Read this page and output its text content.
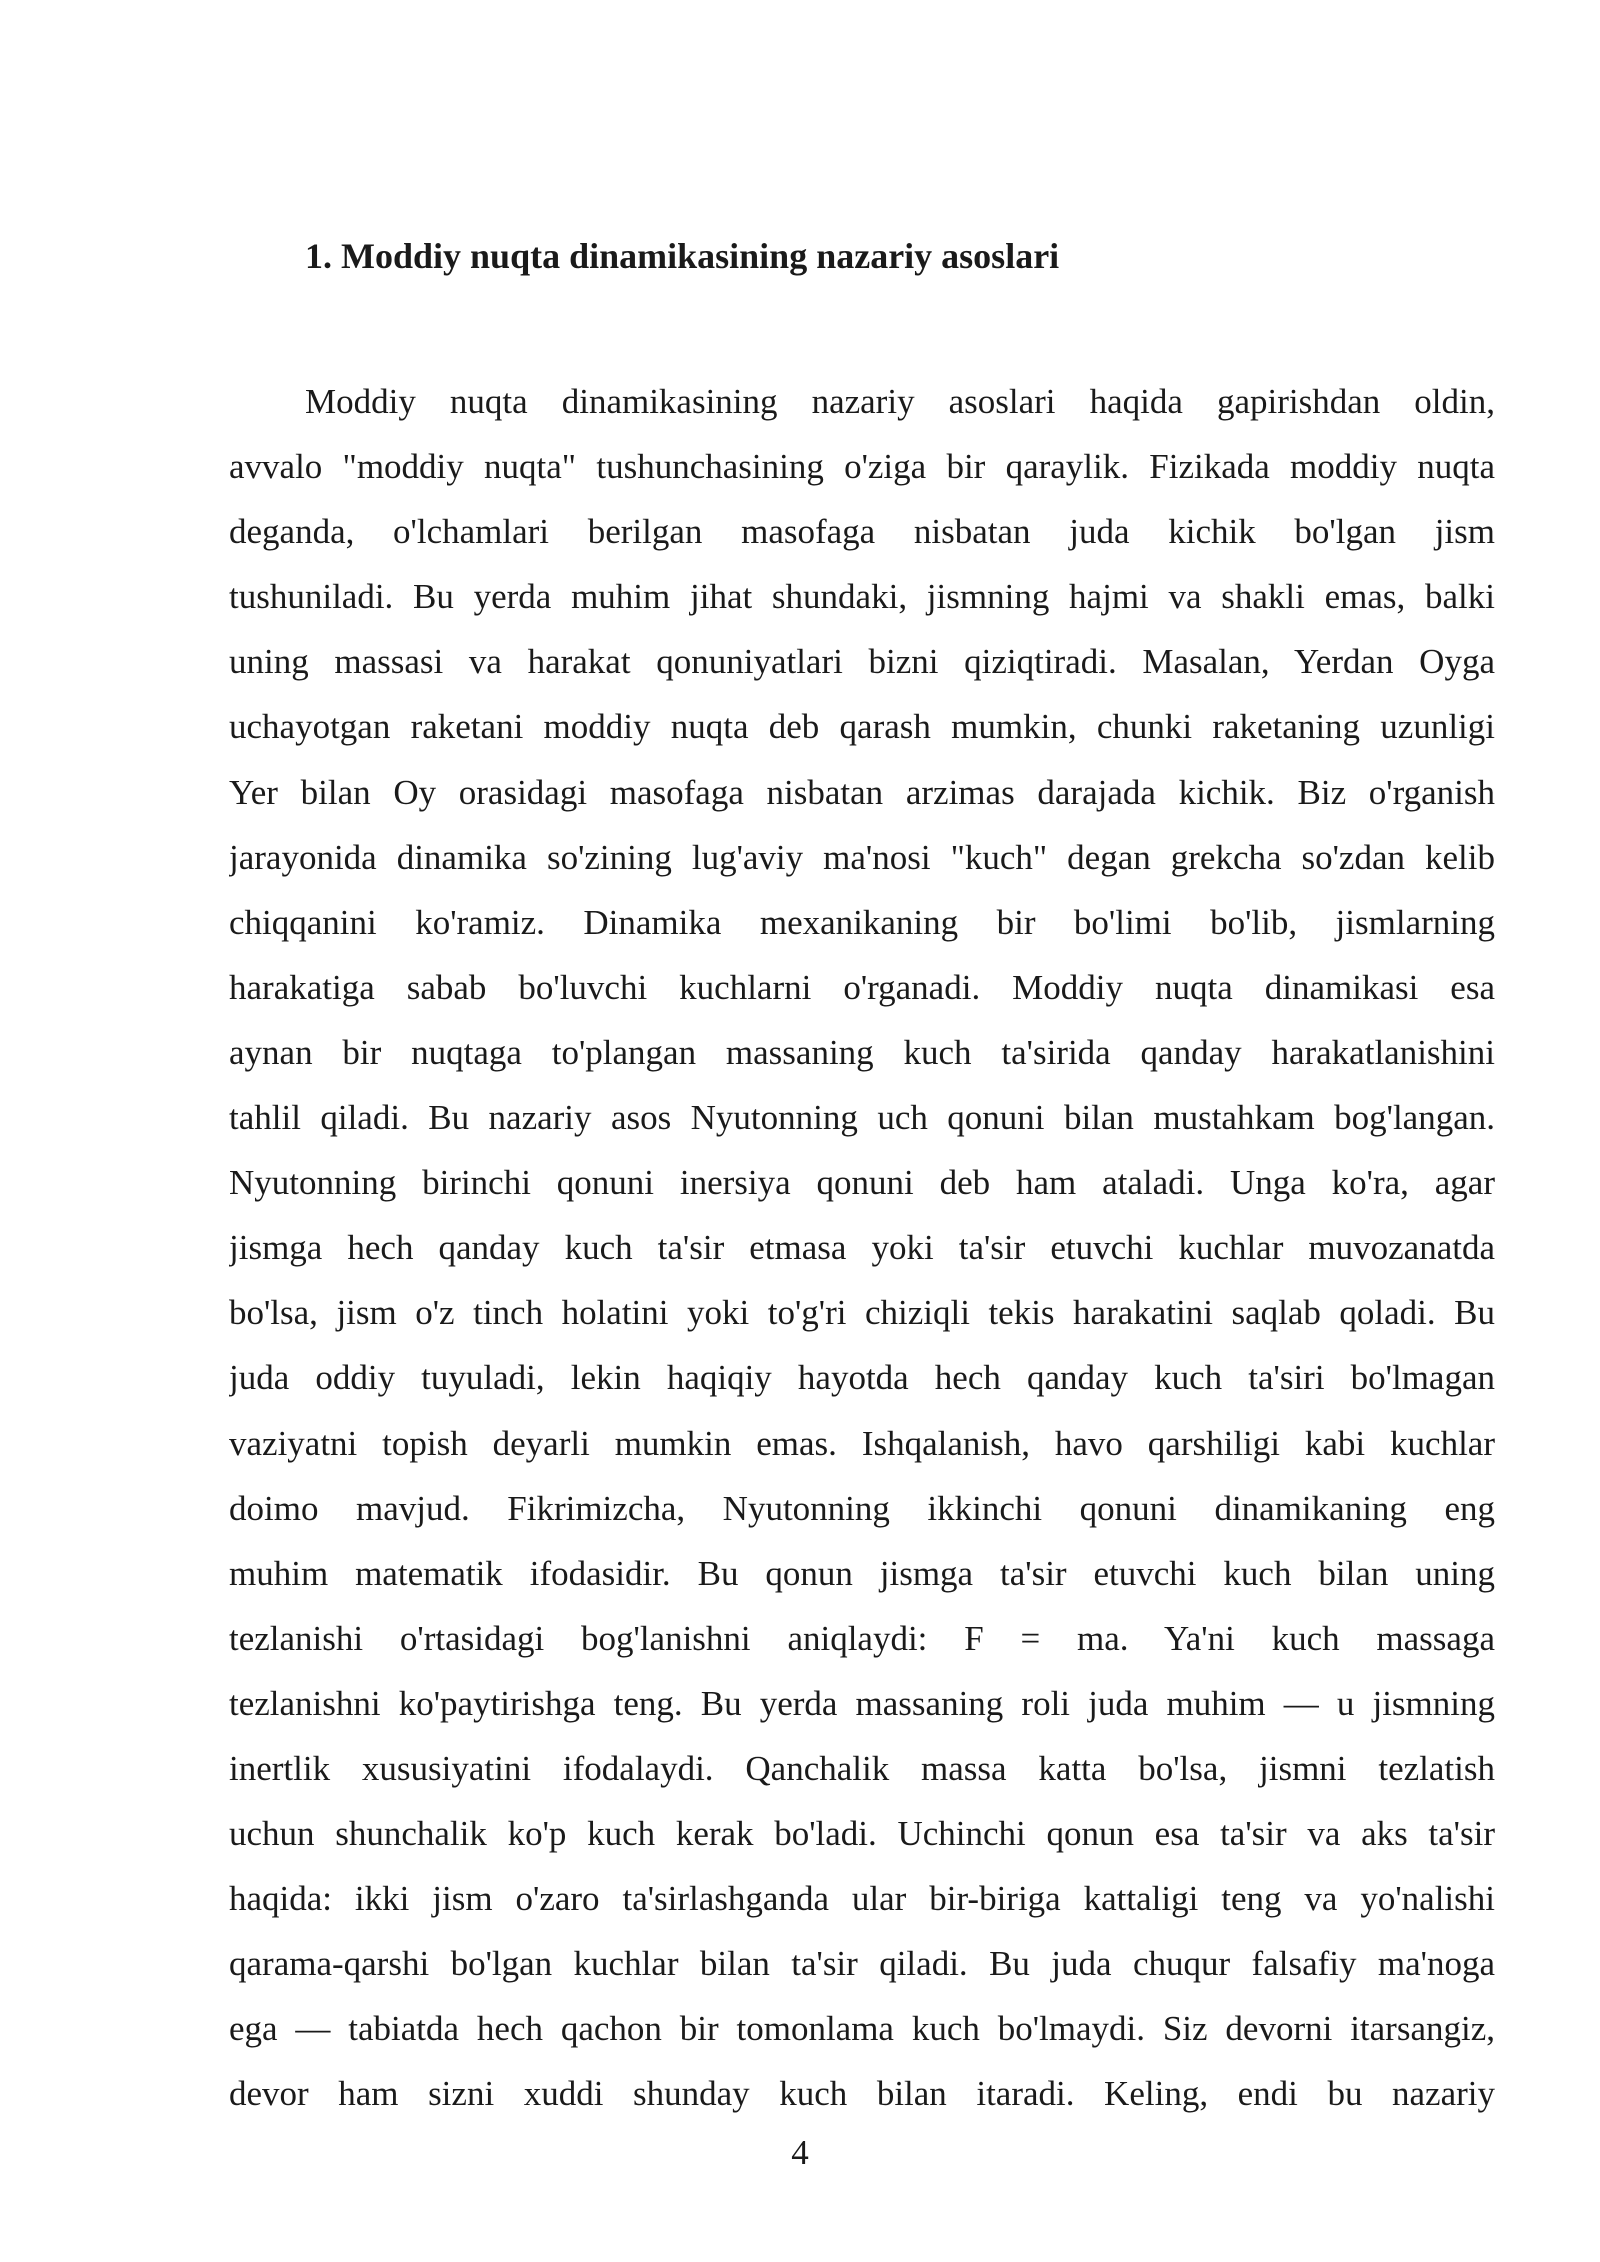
1. Moddiy nuqta dinamikasining nazariy asoslari
Moddiy nuqta dinamikasining nazariy asoslari haqida gapirishdan oldin,
avvalo "moddiy nuqta" tushunchasining o'ziga bir qaraylik. Fizikada moddiy nuqta
deganda, o'lchamlari berilgan masofaga nisbatan juda kichik bo'lgan jism
tushuniladi. Bu yerda muhim jihat shundaki, jismning hajmi va shakli emas, balki
uning massasi va harakat qonuniyatlari bizni qiziqtiradi. Masalan, Yerdan Oyga
uchayotgan raketani moddiy nuqta deb qarash mumkin, chunki raketaning uzunligi
Yer bilan Oy orasidagi masofaga nisbatan arzimas darajada kichik. Biz o'rganish
jarayonida dinamika so'zining lug'aviy ma'nosi "kuch" degan grekcha so'zdan kelib
chiqqanini ko'ramiz. Dinamika mexanikaning bir bo'limi bo'lib, jismlarning
harakatiga sabab bo'luvchi kuchlarni o'rganadi. Moddiy nuqta dinamikasi esa
aynan bir nuqtaga to'plangan massaning kuch ta'sirida qanday harakatlanishini
tahlil qiladi. Bu nazariy asos Nyutonning uch qonuni bilan mustahkam bog'langan.
Nyutonning birinchi qonuni inersiya qonuni deb ham ataladi. Unga ko'ra, agar
jismga hech qanday kuch ta'sir etmasa yoki ta'sir etuvchi kuchlar muvozanatda
bo'lsa, jism o'z tinch holatini yoki to'g'ri chiziqli tekis harakatini saqlab qoladi. Bu
juda oddiy tuyuladi, lekin haqiqiy hayotda hech qanday kuch ta'siri bo'lmagan
vaziyatni topish deyarli mumkin emas. Ishqalanish, havo qarshiligi kabi kuchlar
doimo mavjud. Fikrimizcha, Nyutonning ikkinchi qonuni dinamikaning eng
muhim matematik ifodasidir. Bu qonun jismga ta'sir etuvchi kuch bilan uning
tezlanishi o'rtasidagi bog'lanishni aniqlaydi: F = ma. Ya'ni kuch massaga
tezlanishni ko'paytirishga teng. Bu yerda massaning roli juda muhim — u jismning
inertlik xususiyatini ifodalaydi. Qanchalik massa katta bo'lsa, jismni tezlatish
uchun shunchalik ko'p kuch kerak bo'ladi. Uchinchi qonun esa ta'sir va aks ta'sir
haqida: ikki jism o'zaro ta'sirlashganda ular bir-biriga kattaligi teng va yo'nalishi
qarama-qarshi bo'lgan kuchlar bilan ta'sir qiladi. Bu juda chuqur falsafiy ma'noga
ega — tabiatda hech qachon bir tomonlama kuch bo'lmaydi. Siz devorni itarsangiz,
devor ham sizni xuddi shunday kuch bilan itaradi. Keling, endi bu nazariy
4
